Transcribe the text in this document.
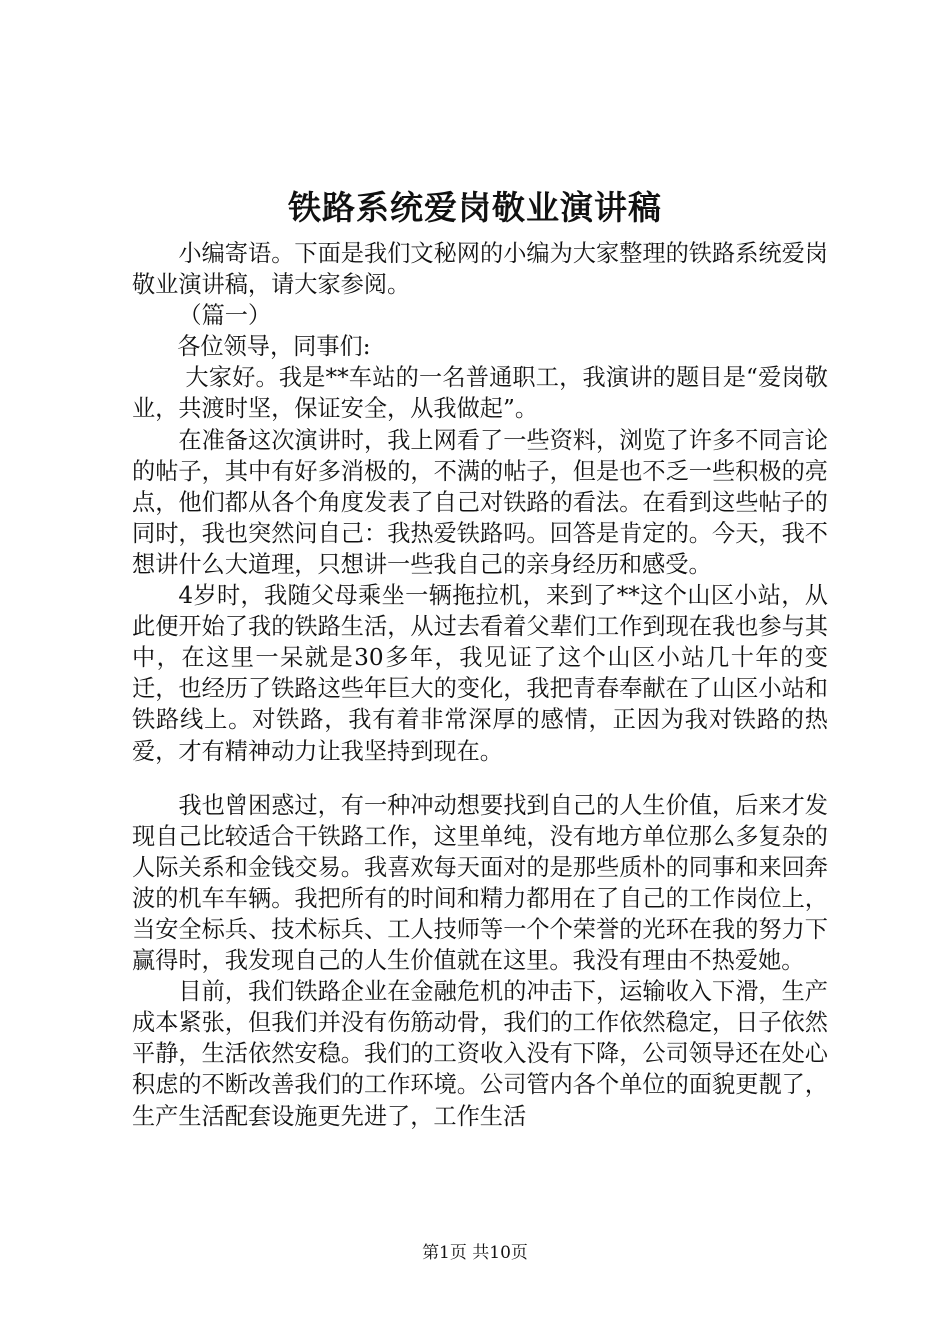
铁路系统爱岗敬业演讲稿

小编寄语。下面是我们文秘网的小编为大家整理的铁路系统爱岗敬业演讲稿，请大家参阅。

（篇一）

各位领导，同事们:

大家好。我是**车站的一名普通职工，我演讲的题目是“爱岗敬业，共渡时坚，保证安全，从我做起”。

在准备这次演讲时，我上网看了一些资料，浏览了许多不同言论的帖子，其中有好多消极的，不满的帖子，但是也不乏一些积极的亮点，他们都从各个角度发表了自己对铁路的看法。在看到这些帖子的同时，我也突然问自己：我热爱铁路吗。回答是肯定的。今天，我不想讲什么大道理，只想讲一些我自己的亲身经历和感受。

4岁时，我随父母乘坐一辆拖拉机，来到了**这个山区小站，从此便开始了我的铁路生活，从过去看着父辈们工作到现在我也参与其中，在这里一呆就是30多年，我见证了这个山区小站几十年的变迁，也经历了铁路这些年巨大的变化，我把青春奉献在了山区小站和铁路线上。对铁路，我有着非常深厚的感情，正因为我对铁路的热爱，才有精神动力让我坚持到现在。

我也曾困惑过，有一种冲动想要找到自己的人生价值，后来才发现自己比较适合干铁路工作，这里单纯，没有地方单位那么多复杂的人际关系和金钱交易。我喜欢每天面对的是那些质朴的同事和来回奔波的机车车辆。我把所有的时间和精力都用在了自己的工作岗位上，当安全标兵、技术标兵、工人技师等一个个荣誉的光环在我的努力下赢得时，我发现自己的人生价值就在这里。我没有理由不热爱她。

目前，我们铁路企业在金融危机的冲击下，运输收入下滑，生产成本紧张，但我们并没有伤筋动骨，我们的工作依然稳定，日子依然平静，生活依然安稳。我们的工资收入没有下降，公司领导还在处心积虑的不断改善我们的工作环境。公司管内各个单位的面貌更靓了，生产生活配套设施更先进了，工作生活

第1页 共10页
